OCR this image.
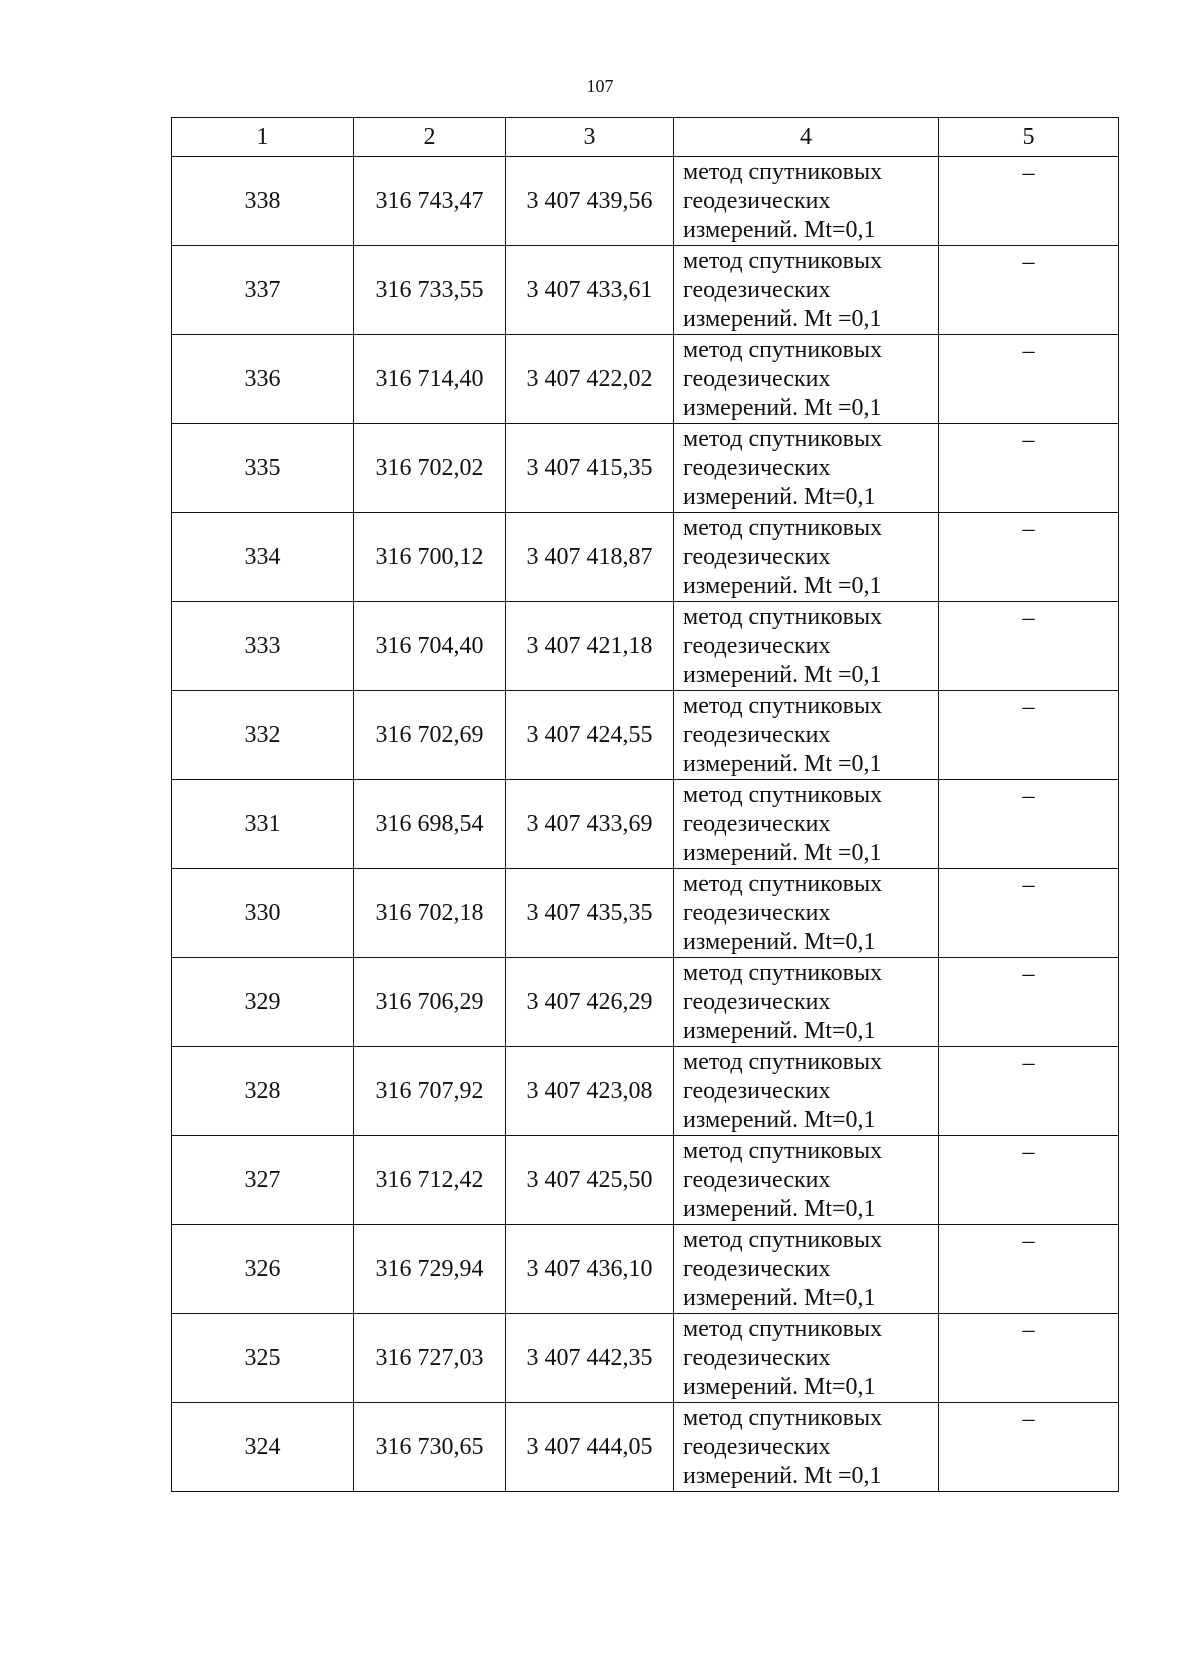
107
1	2	3	4	5
338	316 743,47	3 407 439,56	метод спутниковых геодезических измерений. Mt=0,1	–

337	316 733,55	3 407 433,61	метод спутниковых геодезических измерений. Mt =0,1	–

336	316 714,40	3 407 422,02	метод спутниковых геодезических измерений. Mt =0,1	–

335	316 702,02	3 407 415,35	метод спутниковых геодезических измерений. Mt=0,1	–

334	316 700,12	3 407 418,87	метод спутниковых геодезических измерений. Mt =0,1	–

333	316 704,40	3 407 421,18	метод спутниковых геодезических измерений. Mt =0,1	–

332	316 702,69	3 407 424,55	метод спутниковых геодезических измерений. Mt =0,1	–

331	316 698,54	3 407 433,69	метод спутниковых геодезических измерений. Mt =0,1	–

330	316 702,18	3 407 435,35	метод спутниковых геодезических измерений. Mt=0,1	–

329	316 706,29	3 407 426,29	метод спутниковых геодезических измерений. Mt=0,1	–

328	316 707,92	3 407 423,08	метод спутниковых геодезических измерений. Mt=0,1	–

327	316 712,42	3 407 425,50	метод спутниковых геодезических измерений. Mt=0,1	–

326	316 729,94	3 407 436,10	метод спутниковых геодезических измерений. Mt=0,1	–

325	316 727,03	3 407 442,35	метод спутниковых геодезических измерений. Mt=0,1	–

324	316 730,65	3 407 444,05	метод спутниковых геодезических измерений. Mt =0,1	–
